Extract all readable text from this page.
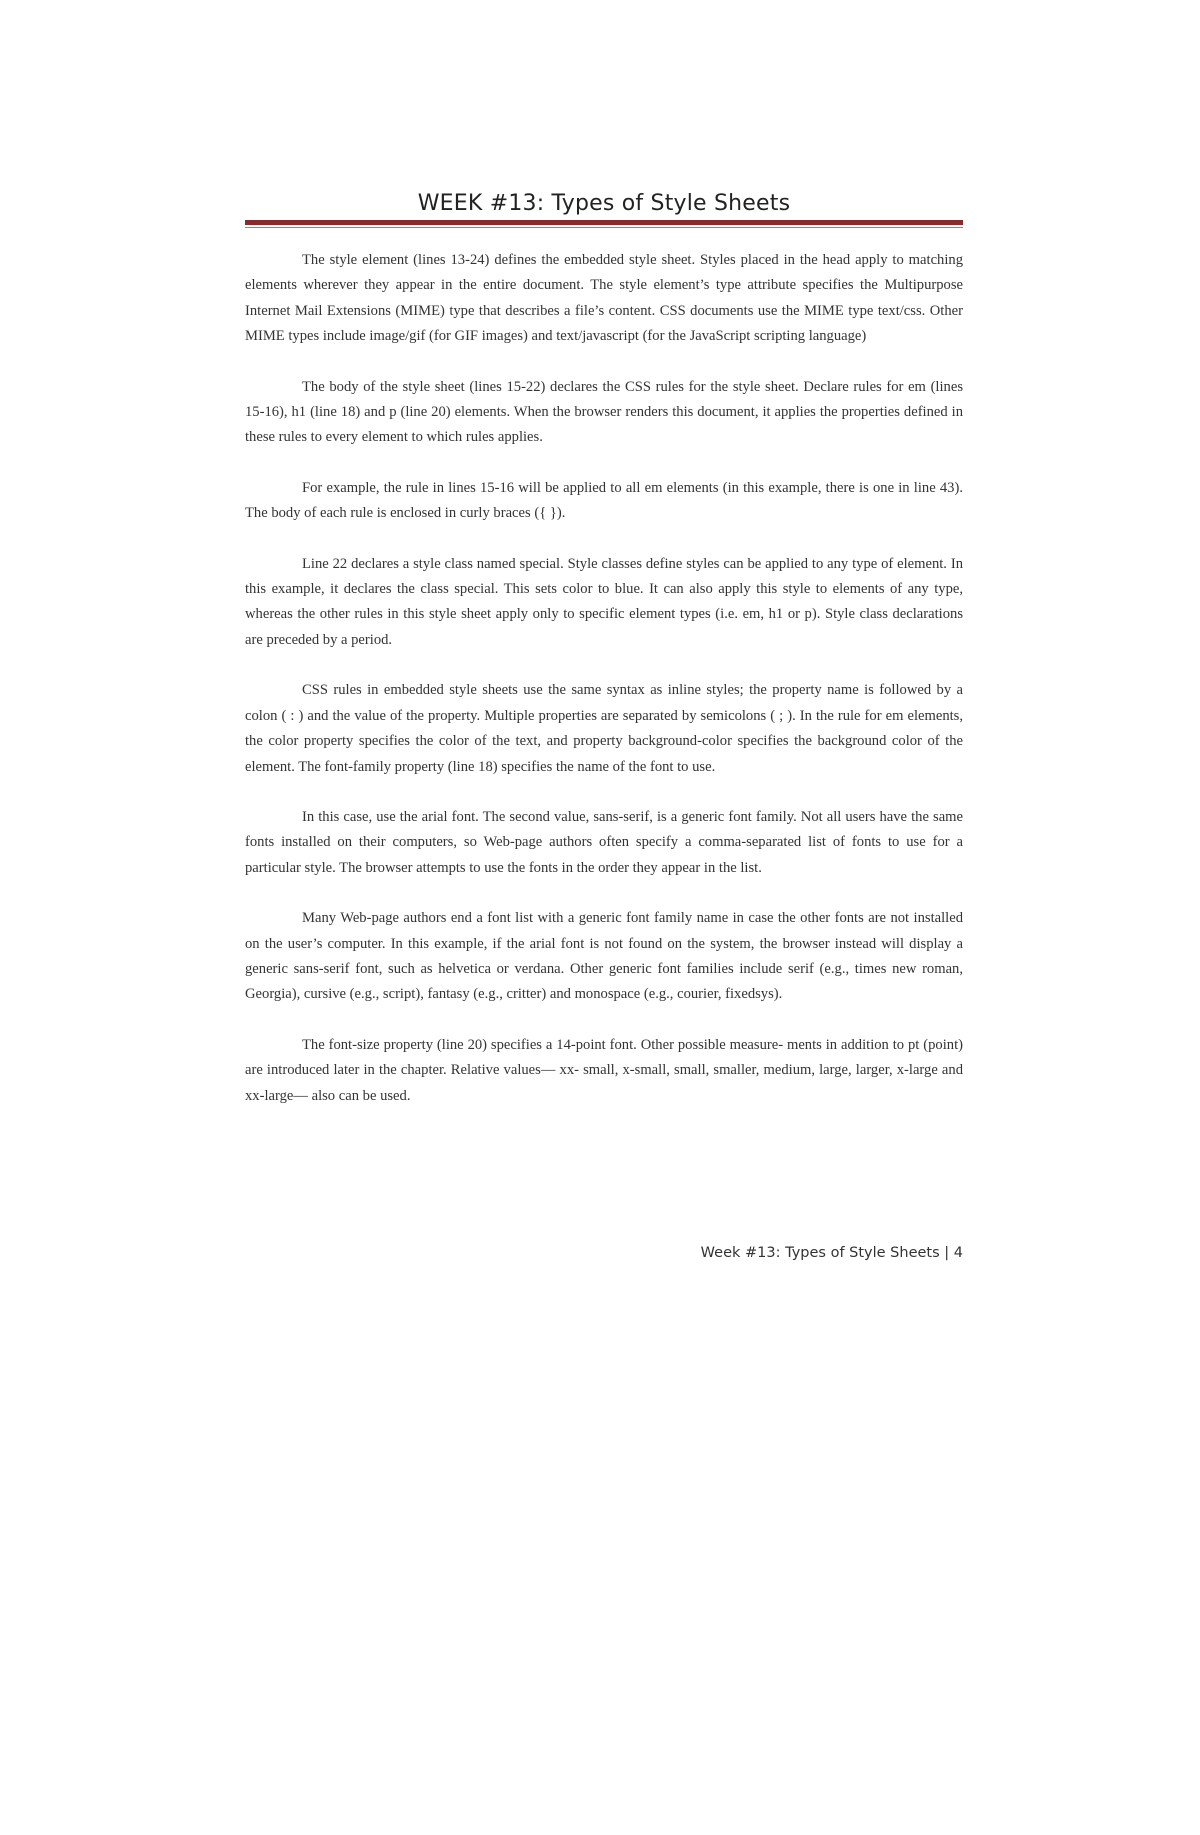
WEEK #13: Types of Style Sheets

The style element (lines 13-24) defines the embedded style sheet. Styles placed in the head apply to matching elements wherever they appear in the entire document. The style element’s type attribute specifies the Multipurpose Internet Mail Extensions (MIME) type that describes a file’s content. CSS documents use the MIME type text/css. Other MIME types include image/gif (for GIF images) and text/javascript (for the JavaScript scripting language)

The body of the style sheet (lines 15-22) declares the CSS rules for the style sheet. Declare rules for em (lines 15-16), h1 (line 18) and p (line 20) elements. When the browser renders this document, it applies the properties defined in these rules to every element to which rules applies.

For example, the rule in lines 15-16 will be applied to all em elements (in this example, there is one in line 43). The body of each rule is enclosed in curly braces ({ }).

Line 22 declares a style class named special. Style classes define styles can be applied to any type of element. In this example, it declares the class special. This sets color to blue. It can also apply this style to elements of any type, whereas the other rules in this style sheet apply only to specific element types (i.e. em, h1 or p). Style class declarations are preceded by a period.

CSS rules in embedded style sheets use the same syntax as inline styles; the property name is followed by a colon ( : ) and the value of the property. Multiple properties are separated by semicolons ( ; ). In the rule for em elements, the color property specifies the color of the text, and property background-color specifies the background color of the element. The font-family property (line 18) specifies the name of the font to use.

In this case, use the arial font. The second value, sans-serif, is a generic font family. Not all users have the same fonts installed on their computers, so Web-page authors often specify a comma-separated list of fonts to use for a particular style. The browser attempts to use the fonts in the order they appear in the list.

Many Web-page authors end a font list with a generic font family name in case the other fonts are not installed on the user’s computer. In this example, if the arial font is not found on the system, the browser instead will display a generic sans-serif font, such as helvetica or verdana. Other generic font families include serif (e.g., times new roman, Georgia), cursive (e.g., script), fantasy (e.g., critter) and monospace (e.g., courier, fixedsys).

The font-size property (line 20) specifies a 14-point font. Other possible measure- ments in addition to pt (point) are introduced later in the chapter. Relative values— xx- small, x-small, small, smaller, medium, large, larger, x-large and xx-large— also can be used.

Week #13: Types of Style Sheets | 4
